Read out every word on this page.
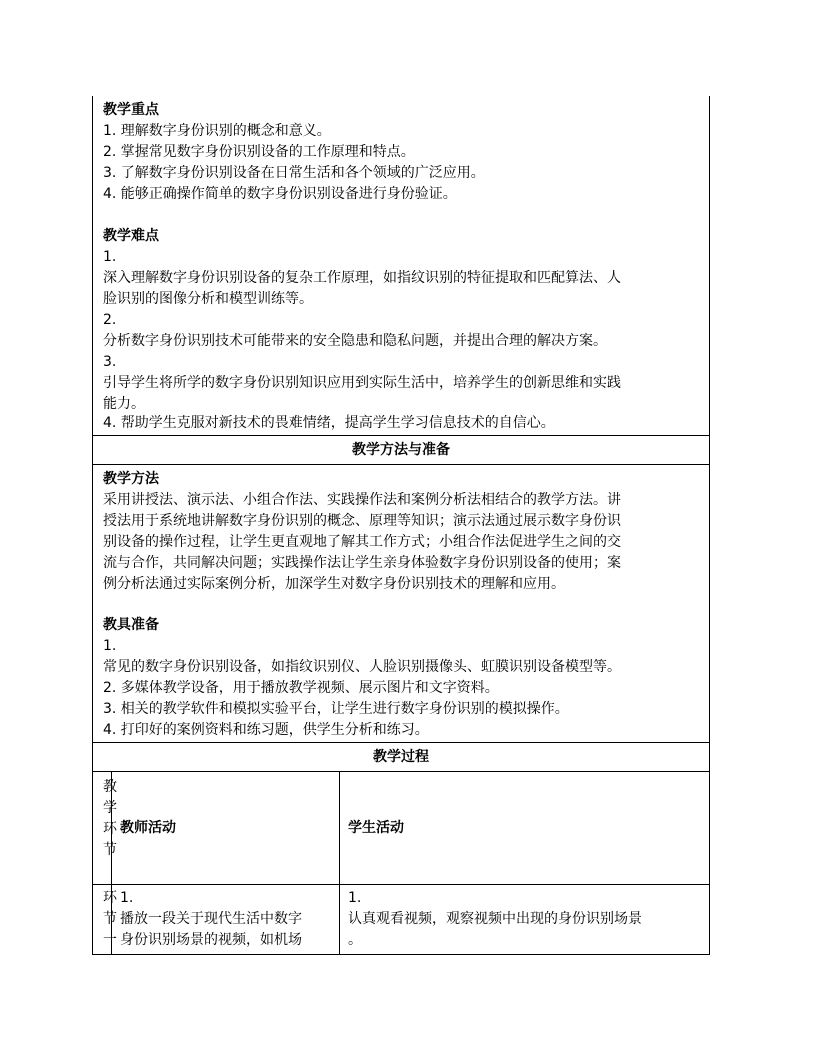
教学重点
1. 理解数字身份识别的概念和意义。
2. 掌握常见数字身份识别设备的工作原理和特点。
3. 了解数字身份识别设备在日常生活和各个领域的广泛应用。
4. 能够正确操作简单的数字身份识别设备进行身份验证。
教学难点
1.
深入理解数字身份识别设备的复杂工作原理，如指纹识别的特征提取和匹配算法、人
脸识别的图像分析和模型训练等。
2.
分析数字身份识别技术可能带来的安全隐患和隐私问题，并提出合理的解决方案。
3.
引导学生将所学的数字身份识别知识应用到实际生活中，培养学生的创新思维和实践
能力。
4. 帮助学生克服对新技术的畏难情绪，提高学生学习信息技术的自信心。
教学方法与准备
教学方法
采用讲授法、演示法、小组合作法、实践操作法和案例分析法相结合的教学方法。讲
授法用于系统地讲解数字身份识别的概念、原理等知识；演示法通过展示数字身份识
别设备的操作过程，让学生更直观地了解其工作方式；小组合作法促进学生之间的交
流与合作，共同解决问题；实践操作法让学生亲身体验数字身份识别设备的使用；案
例分析法通过实际案例分析，加深学生对数字身份识别技术的理解和应用。
教具准备
1.
常见的数字身份识别设备，如指纹识别仪、人脸识别摄像头、虹膜识别设备模型等。
2. 多媒体教学设备，用于播放教学视频、展示图片和文字资料。
3. 相关的教学软件和模拟实验平台，让学生进行数字身份识别的模拟操作。
4. 打印好的案例资料和练习题，供学生分析和练习。
教学过程
教
学
环
节
教师活动	学生活动
环
节
一
1.
播放一段关于现代生活中数字
身份识别场景的视频，如机场
1.
认真观看视频，观察视频中出现的身份识别场景
。
